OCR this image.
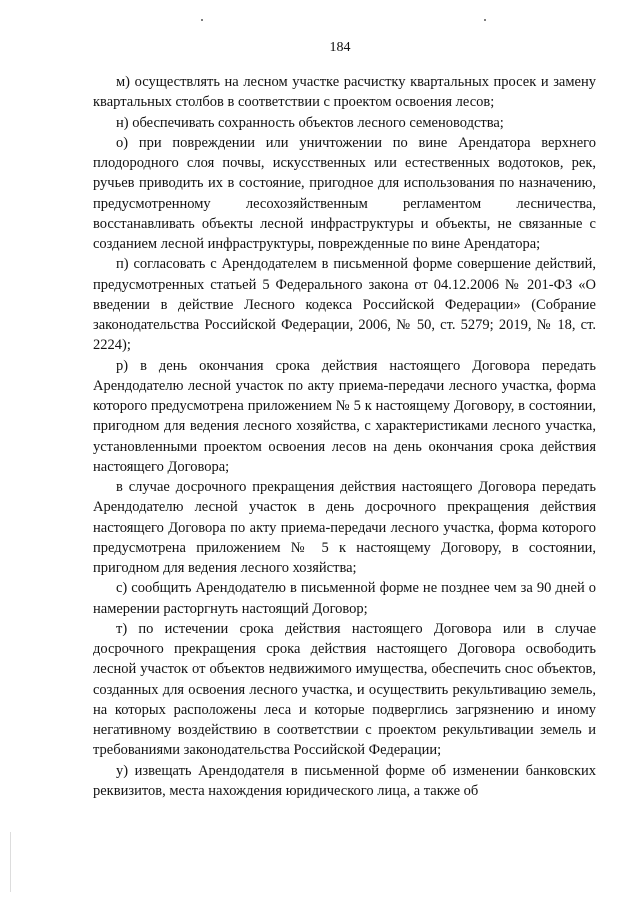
184

м) осуществлять на лесном участке расчистку квартальных просек и замену квартальных столбов в соответствии с проектом освоения лесов;

н) обеспечивать сохранность объектов лесного семеноводства;

о) при повреждении или уничтожении по вине Арендатора верхнего плодородного слоя почвы, искусственных или естественных водотоков, рек, ручьев приводить их в состояние, пригодное для использования по назначению, предусмотренному лесохозяйственным регламентом лесничества, восстанавливать объекты лесной инфраструктуры и объекты, не связанные с созданием лесной инфраструктуры, поврежденные по вине Арендатора;

п) согласовать с Арендодателем в письменной форме совершение действий, предусмотренных статьей 5 Федерального закона от 04.12.2006 № 201-ФЗ «О введении в действие Лесного кодекса Российской Федерации» (Собрание законодательства Российской Федерации, 2006, № 50, ст. 5279; 2019, № 18, ст. 2224);

р) в день окончания срока действия настоящего Договора передать Арендодателю лесной участок по акту приема-передачи лесного участка, форма которого предусмотрена приложением № 5 к настоящему Договору, в состоянии, пригодном для ведения лесного хозяйства, с характеристиками лесного участка, установленными проектом освоения лесов на день окончания срока действия настоящего Договора;

в случае досрочного прекращения действия настоящего Договора передать Арендодателю лесной участок в день досрочного прекращения действия настоящего Договора по акту приема-передачи лесного участка, форма которого предусмотрена приложением № 5 к настоящему Договору, в состоянии, пригодном для ведения лесного хозяйства;

с) сообщить Арендодателю в письменной форме не позднее чем за 90 дней о намерении расторгнуть настоящий Договор;

т) по истечении срока действия настоящего Договора или в случае досрочного прекращения срока действия настоящего Договора освободить лесной участок от объектов недвижимого имущества, обеспечить снос объектов, созданных для освоения лесного участка, и осуществить рекультивацию земель, на которых расположены леса и которые подверглись загрязнению и иному негативному воздействию в соответствии с проектом рекультивации земель и требованиями законодательства Российской Федерации;

у) извещать Арендодателя в письменной форме об изменении банковских реквизитов, места нахождения юридического лица, а также об
